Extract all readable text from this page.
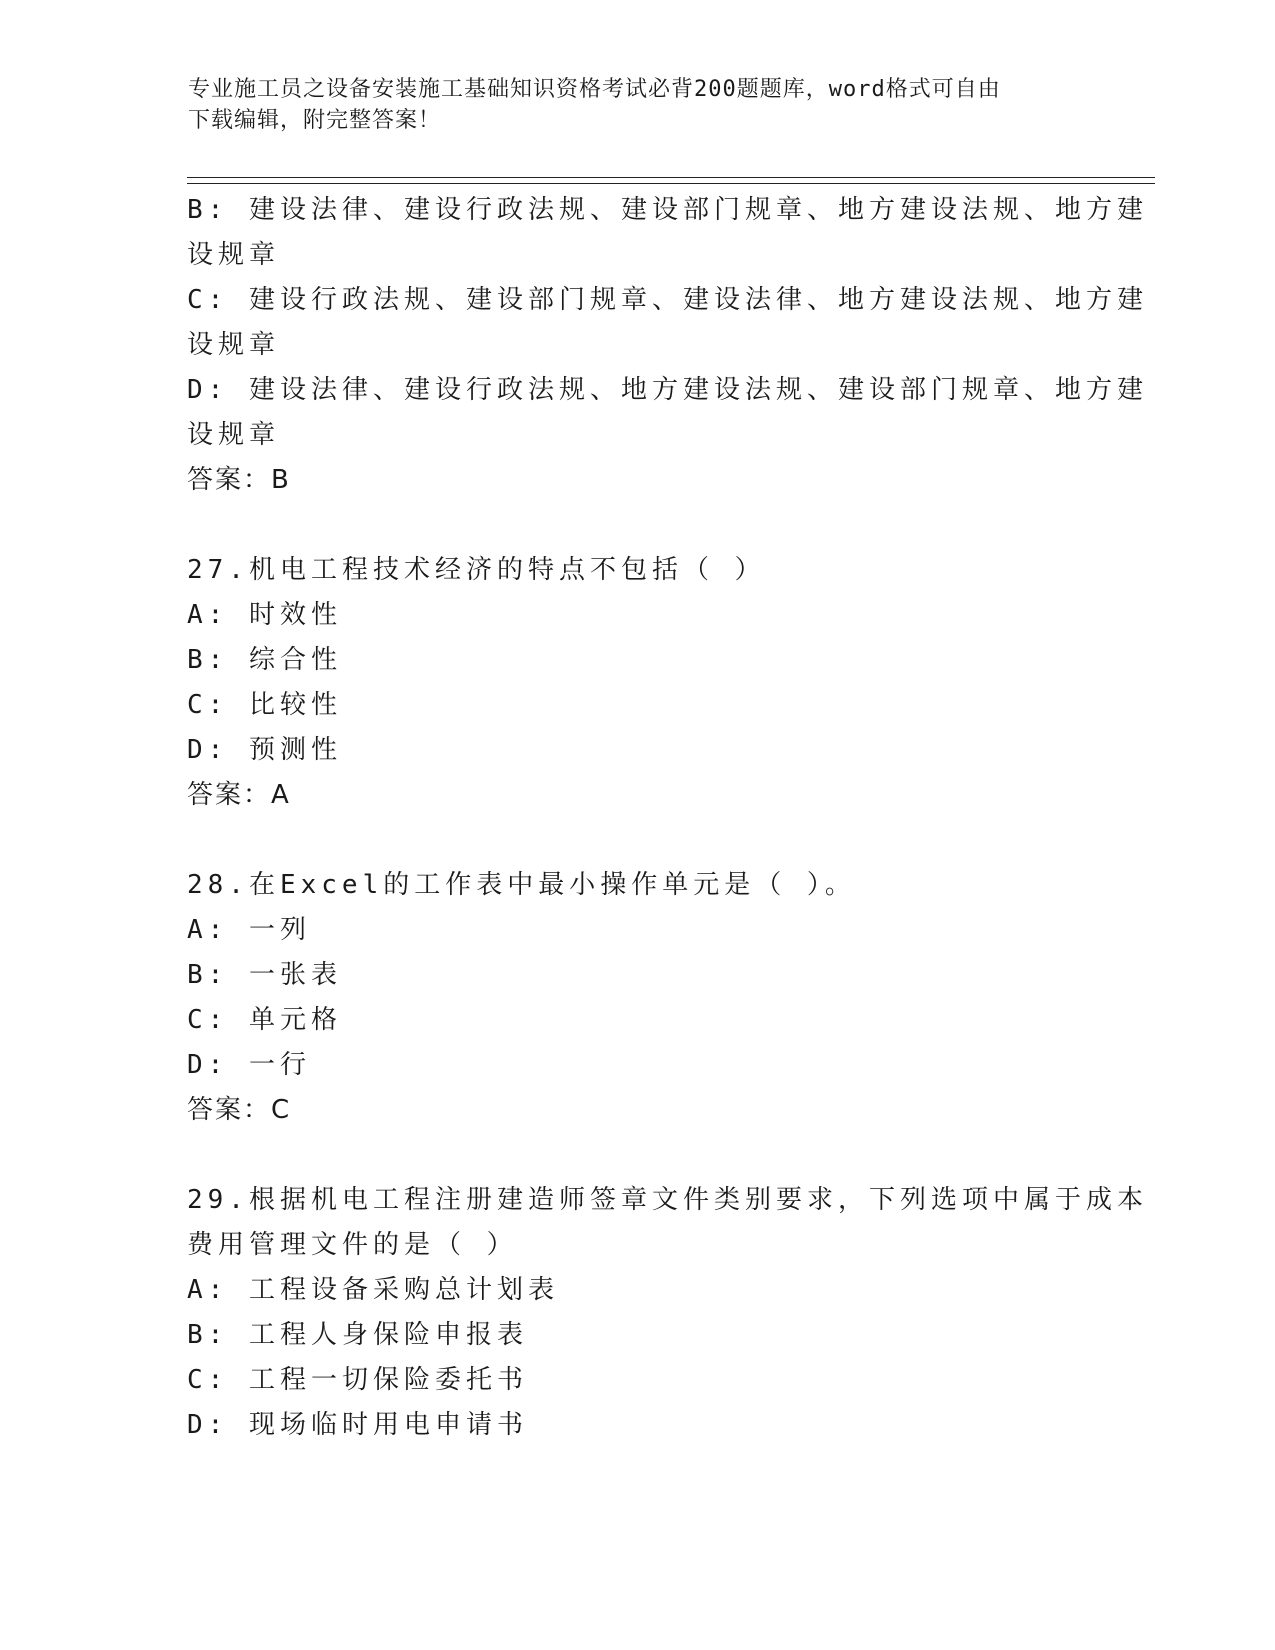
专业施工员之设备安装施工基础知识资格考试必背200题题库，word格式可自由
下载编辑，附完整答案！
B: 建设法律、建设行政法规、建设部门规章、地方建设法规、地方建
设规章
C: 建设行政法规、建设部门规章、建设法律、地方建设法规、地方建
设规章
D: 建设法律、建设行政法规、地方建设法规、建设部门规章、地方建
设规章
答案：B
27.机电工程技术经济的特点不包括（ ）
A: 时效性
B: 综合性
C: 比较性
D: 预测性
答案：A
28.在Excel的工作表中最小操作单元是（ ）。
A: 一列
B: 一张表
C: 单元格
D: 一行
答案：C
29.根据机电工程注册建造师签章文件类别要求，下列选项中属于成本
费用管理文件的是（ ）
A: 工程设备采购总计划表
B: 工程人身保险申报表
C: 工程一切保险委托书
D: 现场临时用电申请书
